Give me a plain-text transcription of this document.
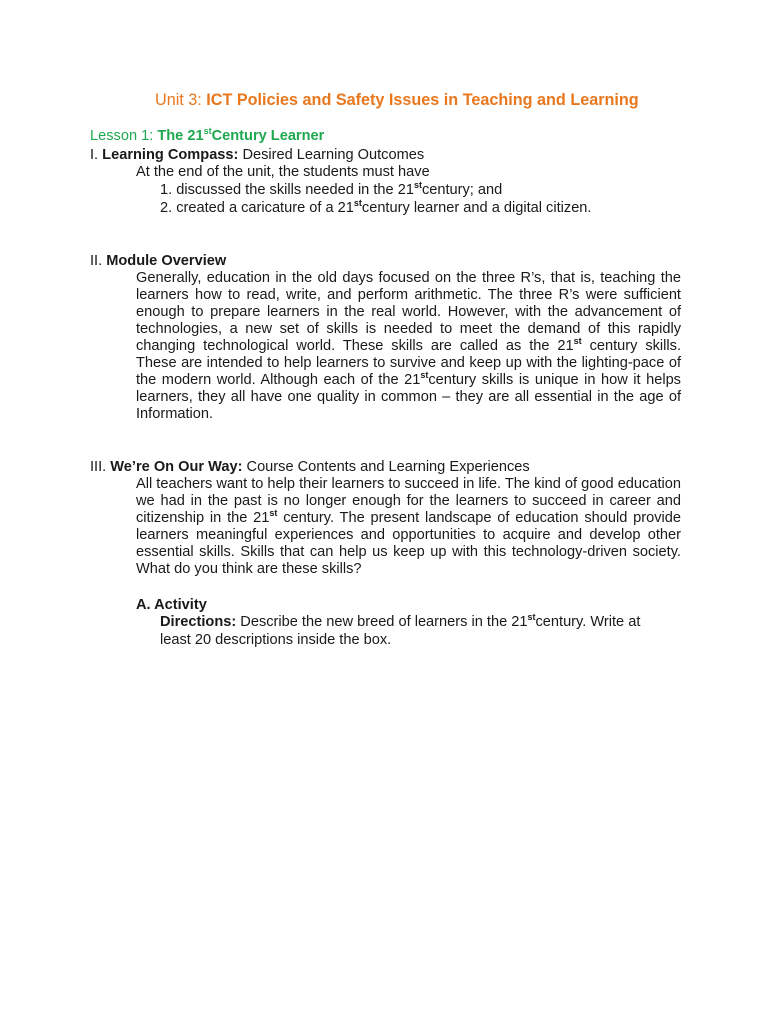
Unit 3: ICT Policies and Safety Issues in Teaching and Learning
Lesson 1: The 21stCentury Learner
I. Learning Compass: Desired Learning Outcomes
At the end of the unit, the students must have
1. discussed the skills needed in the 21stcentury; and
2. created a caricature of a 21stcentury learner and a digital citizen.
II. Module Overview

Generally, education in the old days focused on the three R’s, that is, teaching the learners how to read, write, and perform arithmetic. The three R’s were sufficient enough to prepare learners in the real world. However, with the advancement of technologies, a new set of skills is needed to meet the demand of this rapidly changing technological world. These skills are called as the 21st century skills. These are intended to help learners to survive and keep up with the lighting-pace of the modern world. Although each of the 21stcentury skills is unique in how it helps learners, they all have one quality in common – they are all essential in the age of Information.

III. We’re On Our Way: Course Contents and Learning Experiences

All teachers want to help their learners to succeed in life. The kind of good education we had in the past is no longer enough for the learners to succeed in career and citizenship in the 21st century. The present landscape of education should provide learners meaningful experiences and opportunities to acquire and develop other essential skills. Skills that can help us keep up with this technology-driven society. What do you think are these skills?

A. Activity
Directions: Describe the new breed of learners in the 21stcentury. Write at
least 20 descriptions inside the box.
